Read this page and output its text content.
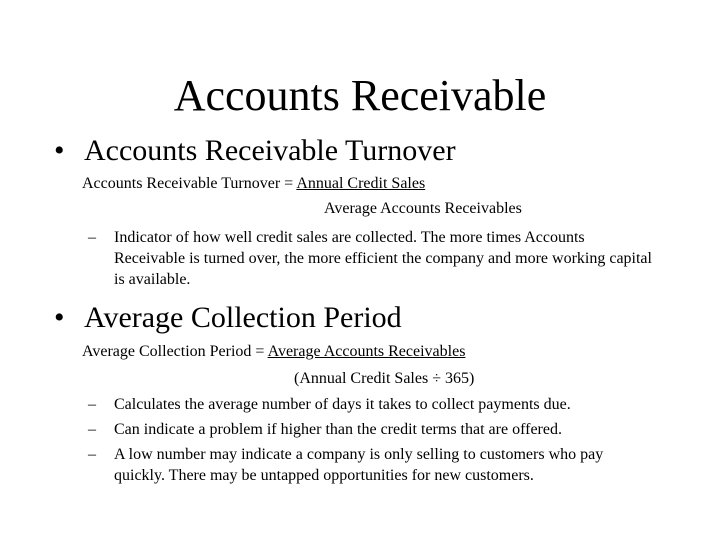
Accounts Receivable
• Accounts Receivable Turnover
Accounts Receivable Turnover = Annual Credit Sales
Average Accounts Receivables
–	Indicator of how well credit sales are collected. The more times Accounts Receivable is turned over, the more efficient the company and more working capital is available.
• Average Collection Period
Average Collection Period = Average Accounts Receivables
(Annual Credit Sales ÷ 365)
–	Calculates the average number of days it takes to collect payments due.
–	Can indicate a problem if higher than the credit terms that are offered.
–	A low number may indicate a company is only selling to customers who pay quickly. There may be untapped opportunities for new customers.
